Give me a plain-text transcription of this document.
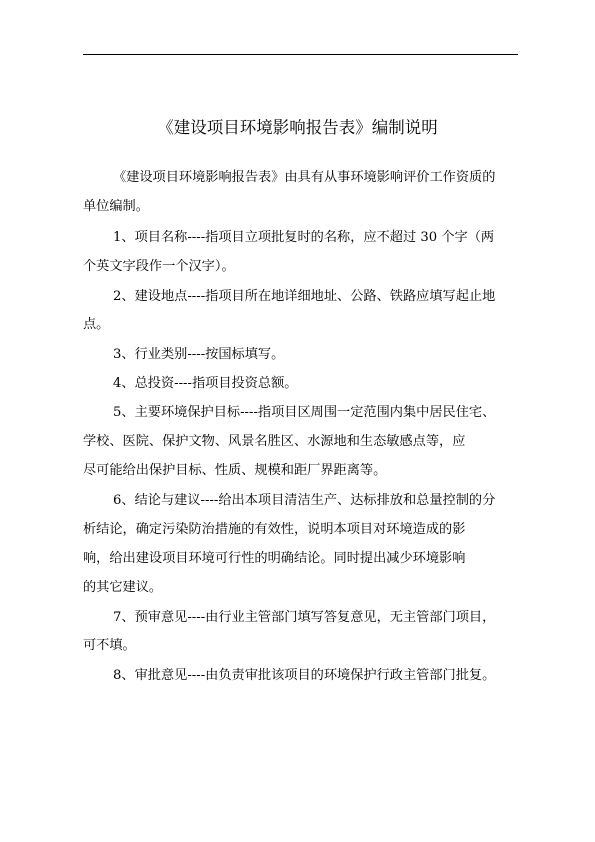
《建设项目环境影响报告表》编制说明
《建设项目环境影响报告表》由具有从事环境影响评价工作资质的
单位编制。
1、项目名称----指项目立项批复时的名称，应不超过 30 个字（两
个英文字段作一个汉字）。
2、建设地点----指项目所在地详细地址、公路、铁路应填写起止地
点。
3、行业类别----按国标填写。
4、总投资----指项目投资总额。
5、主要环境保护目标----指项目区周围一定范围内集中居民住宅、
学校、医院、保护文物、风景名胜区、水源地和生态敏感点等，应
尽可能给出保护目标、性质、规模和距厂界距离等。
6、结论与建议----给出本项目清洁生产、达标排放和总量控制的分
析结论，确定污染防治措施的有效性，说明本项目对环境造成的影
响，给出建设项目环境可行性的明确结论。同时提出减少环境影响
的其它建议。
7、预审意见----由行业主管部门填写答复意见，无主管部门项目，
可不填。
8、审批意见----由负责审批该项目的环境保护行政主管部门批复。
